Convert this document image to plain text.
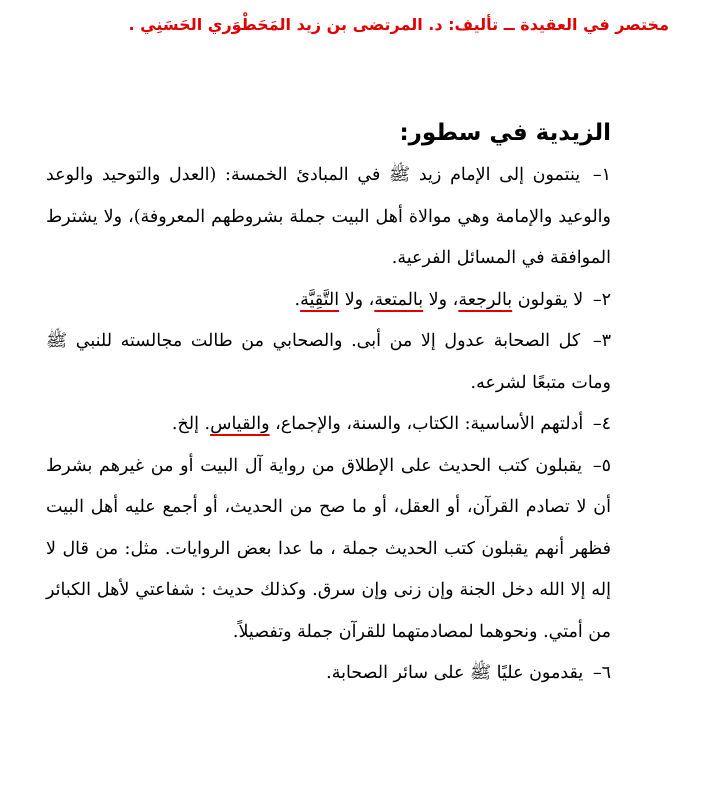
مختصر في العقيدة ــ تأليف: د. المرتضى بن زيد المَحَطْوَري الحَسَنِي .
الزيدية في سطور:

١– ينتمون إلى الإمام زيد ﷺ في المبادئ الخمسة: (العدل والتوحيد والوعد والوعيد والإمامة وهي موالاة أهل البيت جملة بشروطهم المعروفة)، ولا يشترط الموافقة في المسائل الفرعية.

٢– لا يقولون بالرجعة، ولا بالمتعة، ولا التَّقِيَّة.

٣– كل الصحابة عدول إلا من أبى. والصحابي من طالت مجالسته للنبي ﷺ ومات متبعًا لشرعه.

٤– أدلتهم الأساسية: الكتاب، والسنة، والإجماع، والقياس. إلخ.

٥– يقبلون كتب الحديث على الإطلاق من رواية آل البيت أو من غيرهم بشرط أن لا تصادم القرآن، أو العقل، أو ما صح من الحديث، أو أجمع عليه أهل البيت فظهر أنهم يقبلون كتب الحديث جملة ، ما عدا بعض الروايات. مثل: من قال لا إله إلا الله دخل الجنة وإن زنى وإن سرق. وكذلك حديث : شفاعتي لأهل الكبائر من أمتي. ونحوهما لمصادمتهما للقرآن جملة وتفصيلاً.

٦– يقدمون عليًا ﷺ على سائر الصحابة.
